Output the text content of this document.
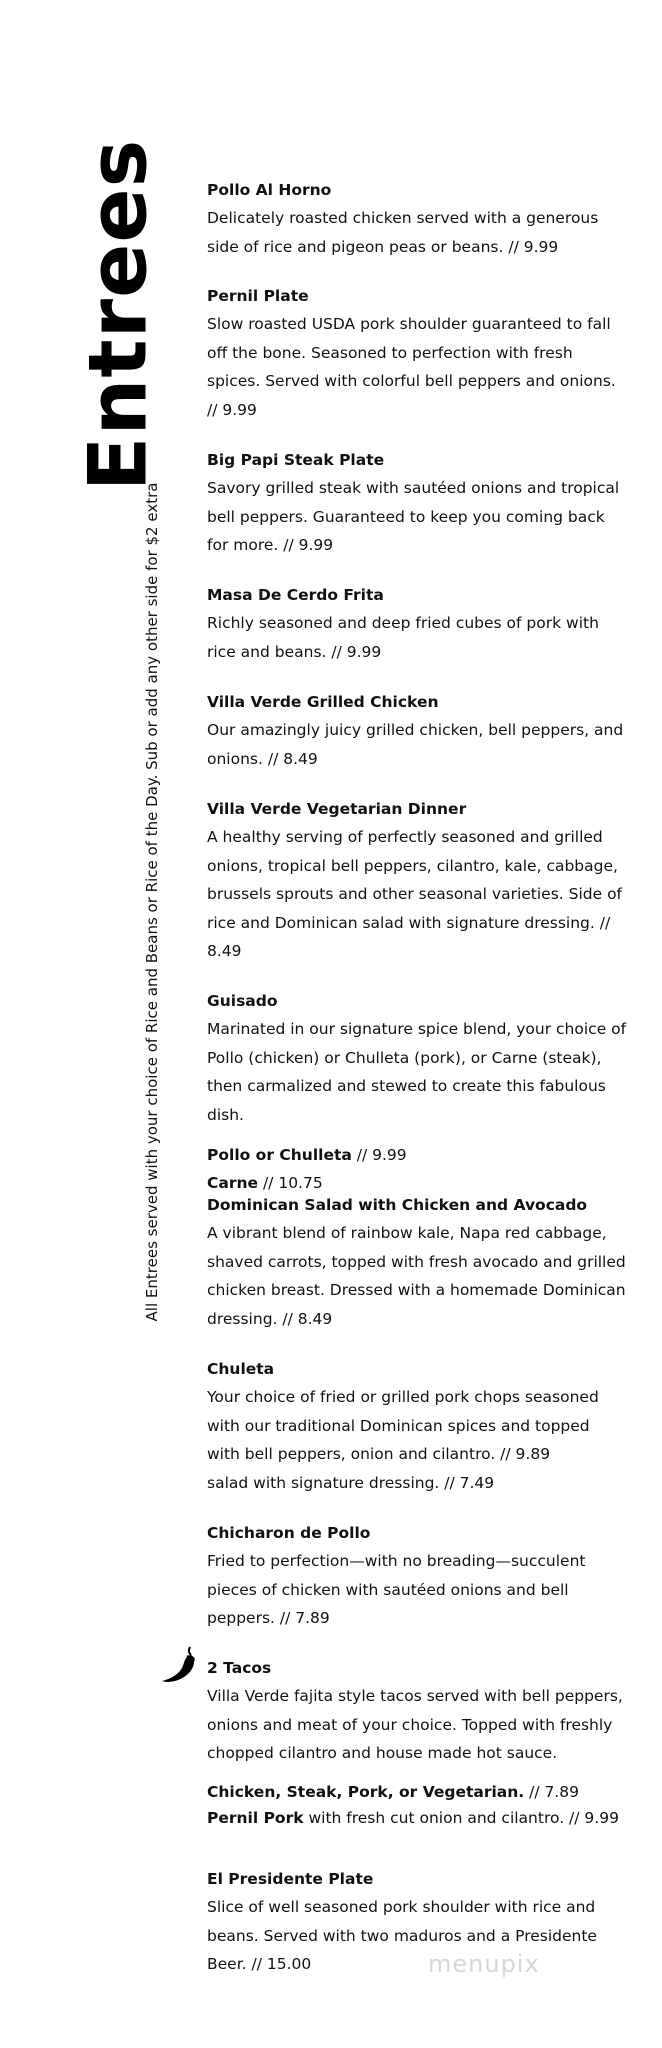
Entrees
All Entrees served with your choice of Rice and Beans or Rice of the Day. Sub or add any other side for $2 extra

Pollo Al Horno

Delicately roasted chicken served with a generous side of rice and pigeon peas or beans. // 9.99

Pernil Plate

Slow roasted USDA pork shoulder guaranteed to fall off the bone. Seasoned to perfection with fresh spices. Served with colorful bell peppers and onions. // 9.99

Big Papi Steak Plate

Savory grilled steak with sautéed onions and tropical bell peppers. Guaranteed to keep you coming back for more. // 9.99

Masa De Cerdo Frita

Richly seasoned and deep fried cubes of pork with rice and beans. // 9.99

Villa Verde Grilled Chicken

Our amazingly juicy grilled chicken, bell peppers, and onions. // 8.49

Villa Verde Vegetarian Dinner

A healthy serving of perfectly seasoned and grilled onions, tropical bell peppers, cilantro, kale, cabbage, brussels sprouts and other seasonal varieties. Side of rice and Dominican salad with signature dressing. // 8.49

Guisado

Marinated in our signature spice blend, your choice of Pollo (chicken) or Chulleta (pork), or Carne (steak), then carmalized and stewed to create this fabulous dish.

Pollo or Chulleta // 9.99

Carne // 10.75

Dominican Salad with Chicken and Avocado

A vibrant blend of rainbow kale, Napa red cabbage, shaved carrots, topped with fresh avocado and grilled chicken breast. Dressed with a homemade Dominican dressing. // 8.49

Chuleta

Your choice of fried or grilled pork chops seasoned with our traditional Dominican spices and topped with bell peppers, onion and cilantro. // 9.89

salad with signature dressing. // 7.49

Chicharon de Pollo

Fried to perfection—with no breading—succulent pieces of chicken with sautéed onions and bell peppers. // 7.89

2 Tacos

Villa Verde fajita style tacos served with bell peppers, onions and meat of your choice. Topped with freshly chopped cilantro and house made hot sauce.

Chicken, Steak, Pork, or Vegetarian. // 7.89

Pernil Pork with fresh cut onion and cilantro. // 9.99

El Presidente Plate

Slice of well seasoned pork shoulder with rice and beans. Served with two maduros and a Presidente Beer. // 15.00	menupix
